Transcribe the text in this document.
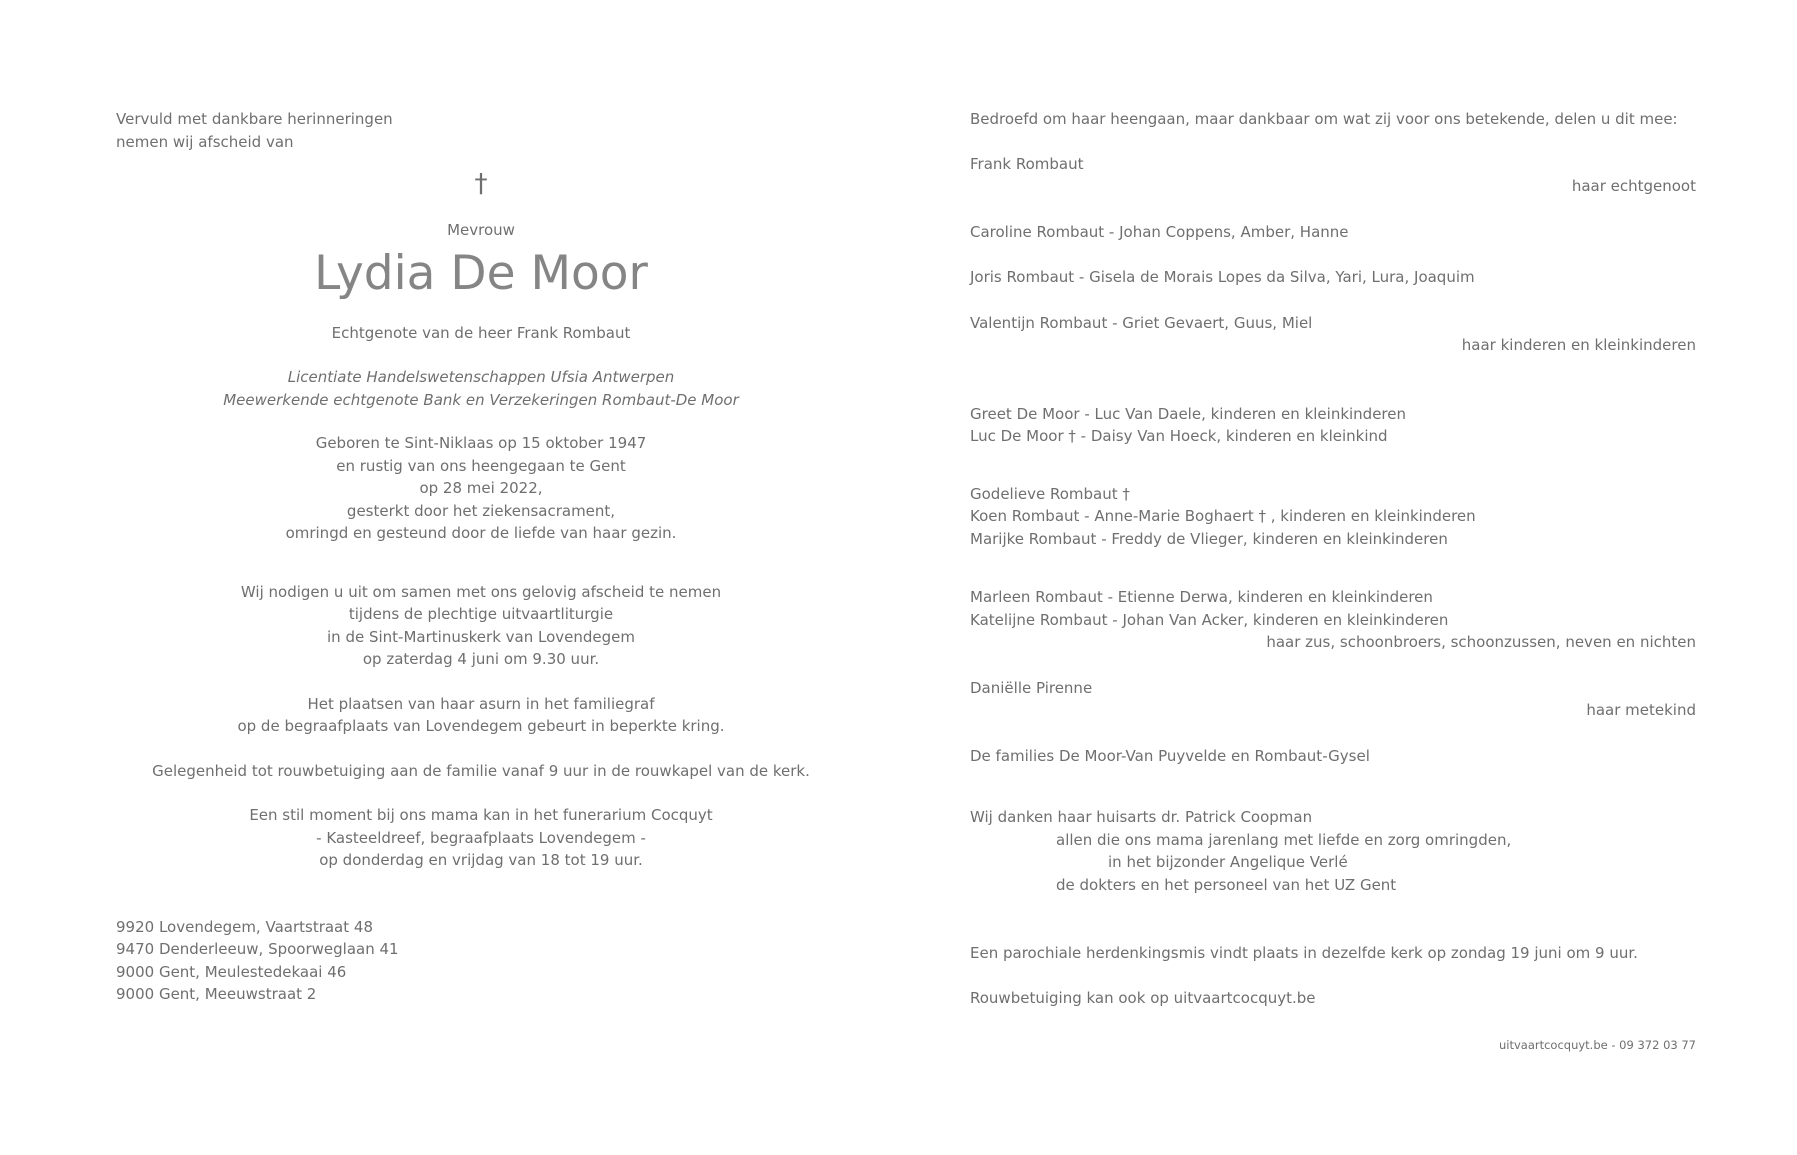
Vervuld met dankbare herinneringen
nemen wij afscheid van
†
Mevrouw
Lydia De Moor
Echtgenote van de heer Frank Rombaut
Licentiate Handelswetenschappen Ufsia Antwerpen
Meewerkende echtgenote Bank en Verzekeringen Rombaut-De Moor
Geboren te Sint-Niklaas op 15 oktober 1947
en rustig van ons heengegaan te Gent
op 28 mei 2022,
gesterkt door het ziekensacrament,
omringd en gesteund door de liefde van haar gezin.
Wij nodigen u uit om samen met ons gelovig afscheid te nemen
tijdens de plechtige uitvaartliturgie
in de Sint-Martinuskerk van Lovendegem
op zaterdag 4 juni om 9.30 uur.
Het plaatsen van haar asurn in het familiegraf
op de begraafplaats van Lovendegem gebeurt in beperkte kring.
Gelegenheid tot rouwbetuiging aan de familie vanaf 9 uur in de rouwkapel van de kerk.
Een stil moment bij ons mama kan in het funerarium Cocquyt
- Kasteeldreef, begraafplaats Lovendegem -
op donderdag en vrijdag van 18 tot 19 uur.
9920 Lovendegem, Vaartstraat 48
9470 Denderleeuw, Spoorweglaan 41
9000 Gent, Meulestedekaai 46
9000 Gent, Meeuwstraat 2
Bedroefd om haar heengaan, maar dankbaar om wat zij voor ons betekende, delen u dit mee:
Frank Rombaut
haar echtgenoot
Caroline Rombaut - Johan Coppens, Amber, Hanne
Joris Rombaut - Gisela de Morais Lopes da Silva, Yari, Lura, Joaquim
Valentijn Rombaut - Griet Gevaert, Guus, Miel
haar kinderen en kleinkinderen
Greet De Moor - Luc Van Daele, kinderen en kleinkinderen
Luc De Moor † - Daisy Van Hoeck, kinderen en kleinkind
Godelieve Rombaut †
Koen Rombaut - Anne-Marie Boghaert † , kinderen en kleinkinderen
Marijke Rombaut - Freddy de Vlieger, kinderen en kleinkinderen
Marleen Rombaut - Etienne Derwa, kinderen en kleinkinderen
Katelijne Rombaut - Johan Van Acker, kinderen en kleinkinderen
haar zus, schoonbroers, schoonzussen, neven en nichten
Daniëlle Pirenne
haar metekind
De families De Moor-Van Puyvelde en Rombaut-Gysel
Wij danken haar huisarts dr. Patrick Coopman
allen die ons mama jarenlang met liefde en zorg omringden,
in het bijzonder Angelique Verlé
de dokters en het personeel van het UZ Gent
Een parochiale herdenkingsmis vindt plaats in dezelfde kerk op zondag 19 juni om 9 uur.
Rouwbetuiging kan ook op uitvaartcocquyt.be
uitvaartcocquyt.be - 09 372 03 77
